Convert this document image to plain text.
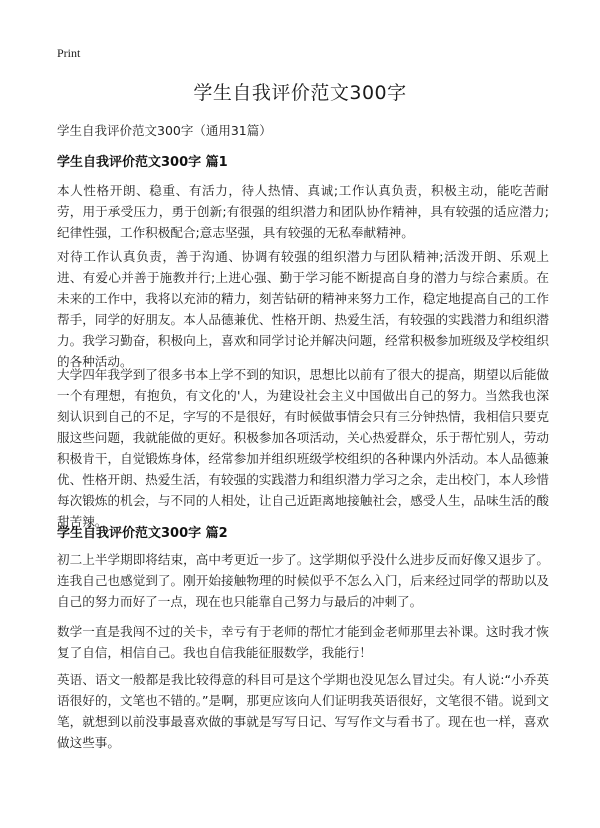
Print
学生自我评价范文300字
学生自我评价范文300字（通用31篇）
学生自我评价范文300字 篇1

本人性格开朗、稳重、有活力，待人热情、真诚;工作认真负责，积极主动，能吃苦耐劳，用于承受压力，勇于创新;有很强的组织潜力和团队协作精神，具有较强的适应潜力;纪律性强，工作积极配合;意志坚强，具有较强的无私奉献精神。

对待工作认真负责，善于沟通、协调有较强的组织潜力与团队精神;活泼开朗、乐观上进、有爱心并善于施教并行;上进心强、勤于学习能不断提高自身的潜力与综合素质。在未来的工作中，我将以充沛的精力，刻苦钻研的精神来努力工作，稳定地提高自己的工作帮手，同学的好朋友。本人品德兼优、性格开朗、热爱生活，有较强的实践潜力和组织潜力。我学习勤奋，积极向上，喜欢和同学讨论并解决问题，经常积极参加班级及学校组织的各种活动。

大学四年我学到了很多书本上学不到的知识，思想比以前有了很大的提高，期望以后能做一个有理想，有抱负，有文化的'人，为建设社会主义中国做出自己的努力。当然我也深刻认识到自己的不足，字写的不是很好，有时候做事情会只有三分钟热情，我相信只要克服这些问题，我就能做的更好。积极参加各项活动，关心热爱群众，乐于帮忙别人，劳动积极肯干，自觉锻炼身体，经常参加并组织班级学校组织的各种课内外活动。本人品德兼优、性格开朗、热爱生活，有较强的实践潜力和组织潜力学习之余，走出校门，本人珍惜每次锻炼的机会，与不同的人相处，让自己近距离地接触社会，感受人生，品味生活的酸甜苦辣。

学生自我评价范文300字 篇2

初二上半学期即将结束，高中考更近一步了。这学期似乎没什么进步反而好像又退步了。连我自己也感觉到了。刚开始接触物理的时候似乎不怎么入门，后来经过同学的帮助以及自己的努力而好了一点，现在也只能靠自己努力与最后的冲刺了。

数学一直是我闯不过的关卡，幸亏有于老师的帮忙才能到金老师那里去补课。这时我才恢复了自信，相信自己。我也自信我能征服数学，我能行！

英语、语文一般都是我比较得意的科目可是这个学期也没见怎么冒过尖。有人说:“小乔英语很好的，文笔也不错的。”是啊，那更应该向人们证明我英语很好，文笔很不错。说到文笔，就想到以前没事最喜欢做的事就是写写日记、写写作文与看书了。现在也一样，喜欢做这些事。
